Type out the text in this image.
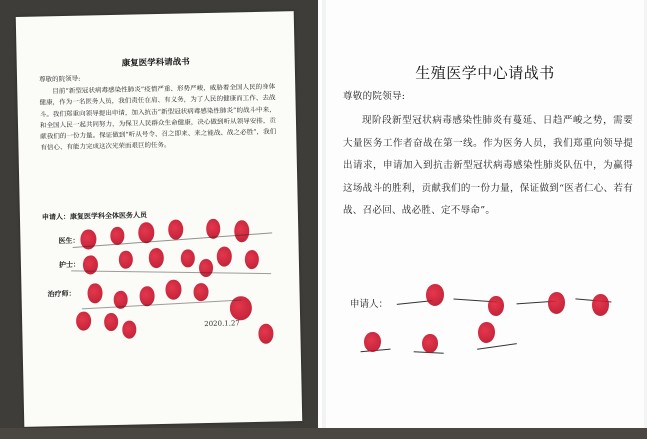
康复医学科请战书
尊敬的院领导:
目前“新型冠状病毒感染性肺炎”疫情严重、形势严峻，威胁着全国人民的身体健康，作为一名医务人员，我们责任在肩、有义务，为了人民的健康而工作、去战斗。我们郑重向领导提出申请，加入抗击“新型冠状病毒感染性肺炎”的战斗中来，和全国人民一起共同努力，为保卫人民群众生命健康，决心做到听从领导安排，贡献我们的一份力量。保证做到“听从号令、召之即来、来之能战、战之必胜”，我们有信心、有能力完成这次光荣而艰巨的任务。
申请人：康复医学科全体医务人员
医生：
护士：
治疗师：
2020.1.27
生殖医学中心请战书
尊敬的院领导:
现阶段新型冠状病毒感染性肺炎有蔓延、日趋严峻之势，需要大量医务工作者奋战在第一线。作为医务人员，我们郑重向领导提出请求，申请加入到抗击新型冠状病毒感染性肺炎队伍中，为赢得这场战斗的胜利，贡献我们的一份力量，保证做到“医者仁心、若有战、召必回、战必胜、定不辱命”。
申请人：
